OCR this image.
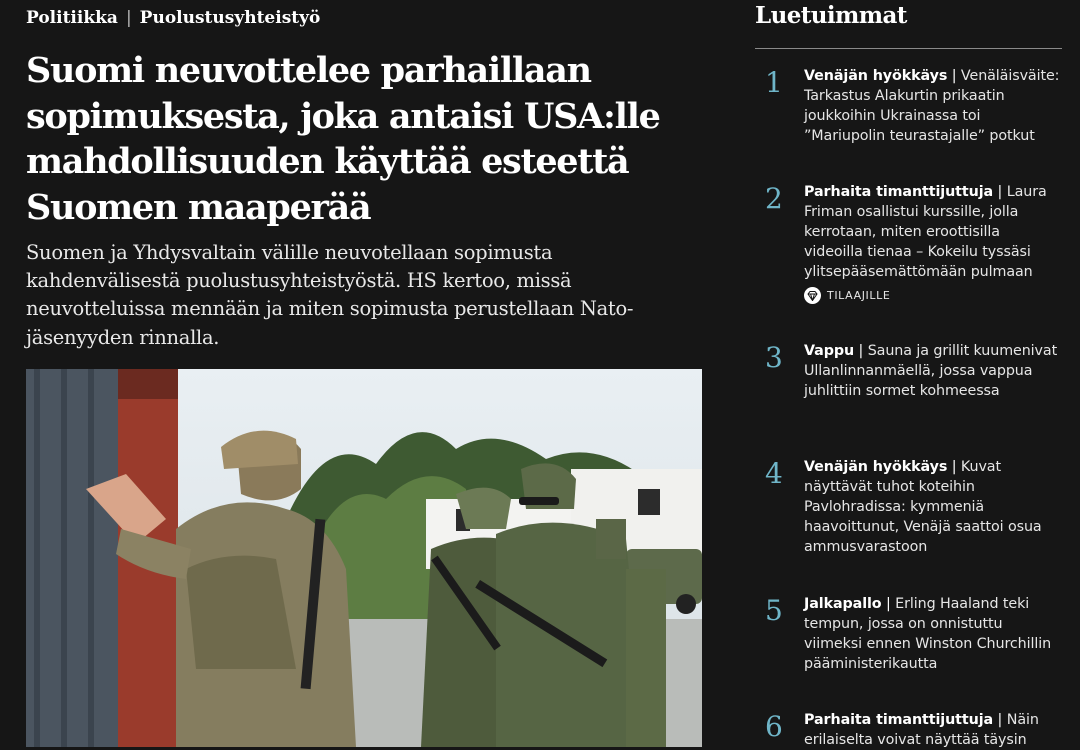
Politiikka | Puolustusyhteistyö
Suomi neuvottelee parhaillaan sopimuksesta, joka antaisi USA:lle mahdollisuuden käyttää esteettä Suomen maaperää

Suomen ja Yhdysvaltain välille neuvotellaan sopimusta kahdenvälisestä puolustusyhteistyöstä. HS kertoo, missä neuvotteluissa mennään ja miten sopimusta perustellaan Nato-jäsenyyden rinnalla.

Luetuimmat
1 Venäjän hyökkäys | Venäläisväite: Tarkastus Alakurtin prikaatin joukkoihin Ukrainassa toi ”Mariupolin teurastajalle” potkut
2 Parhaita timanttijuttuja | Laura Friman osallistui kurssille, jolla kerrotaan, miten eroottisilla videoilla tienaa – Kokeilu tyssäsi ylitsepääsemättömään pulmaan
TILAAJILLE
3 Vappu | Sauna ja grillit kuumenivat Ullanlinnanmäellä, jossa vappua juhlittiin sormet kohmeessa
4 Venäjän hyökkäys | Kuvat näyttävät tuhot koteihin Pavlohradissa: kymmeniä haavoittunut, Venäjä saattoi osua ammusvarastoon
5 Jalkapallo | Erling Haaland teki tempun, jossa on onnistuttu viimeksi ennen Winston Churchillin pääministerikautta
6 Parhaita timanttijuttuja | Näin erilaiselta voivat näyttää täysin
